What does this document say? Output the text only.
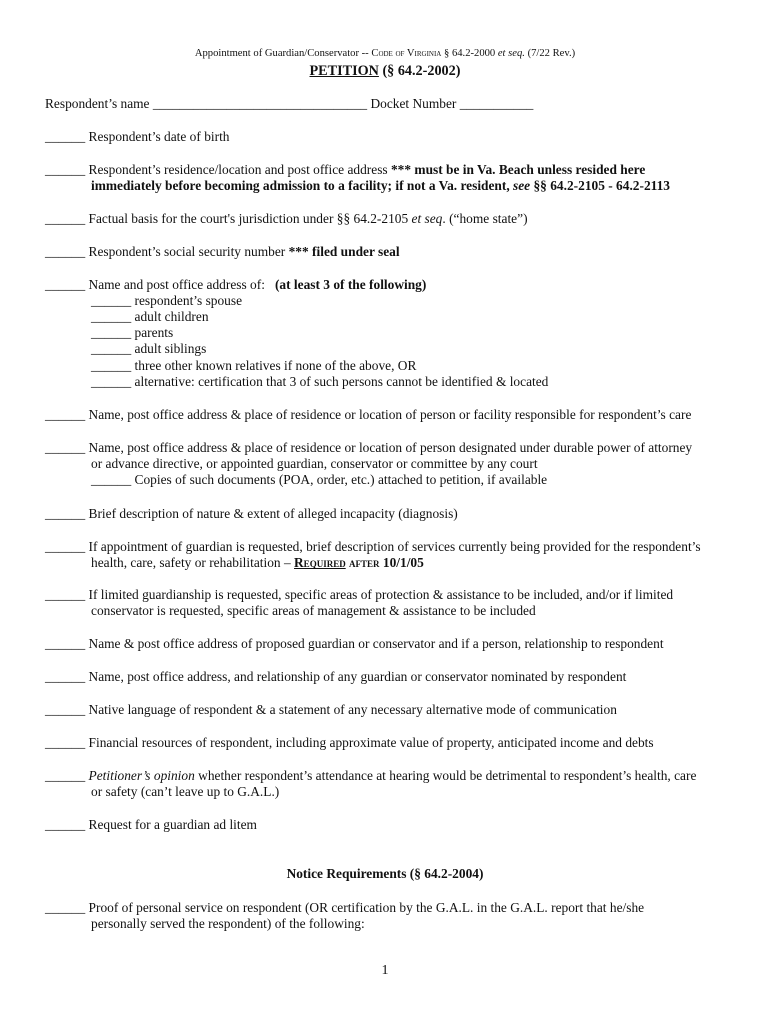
Appointment of Guardian/Conservator -- Code of Virginia § 64.2-2000 et seq. (7/22 Rev.)
PETITION (§ 64.2-2002)
Respondent’s name ________________________________ Docket Number ___________
______ Respondent’s date of birth
______ Respondent’s residence/location and post office address *** must be in Va. Beach unless resided here
immediately before becoming admission to a facility; if not a Va. resident, see §§ 64.2-2105 - 64.2-2113
______ Factual basis for the court's jurisdiction under §§ 64.2-2105 et seq. (“home state”)
______ Respondent’s social security number *** filed under seal
______ Name and post office address of: (at least 3 of the following)
______ respondent’s spouse
______ adult children
______ parents
______ adult siblings
______ three other known relatives if none of the above, OR
______ alternative: certification that 3 of such persons cannot be identified & located
______ Name, post office address & place of residence or location of person or facility responsible for respondent’s care
______ Name, post office address & place of residence or location of person designated under durable power of attorney
or advance directive, or appointed guardian, conservator or committee by any court
______ Copies of such documents (POA, order, etc.) attached to petition, if available
______ Brief description of nature & extent of alleged incapacity (diagnosis)
______ If appointment of guardian is requested, brief description of services currently being provided for the respondent’s
health, care, safety or rehabilitation – Required after 10/1/05
______ If limited guardianship is requested, specific areas of protection & assistance to be included, and/or if limited
conservator is requested, specific areas of management & assistance to be included
______ Name & post office address of proposed guardian or conservator and if a person, relationship to respondent
______ Name, post office address, and relationship of any guardian or conservator nominated by respondent
______ Native language of respondent & a statement of any necessary alternative mode of communication
______ Financial resources of respondent, including approximate value of property, anticipated income and debts
______ Petitioner’s opinion whether respondent’s attendance at hearing would be detrimental to respondent’s health, care
or safety (can’t leave up to G.A.L.)
______ Request for a guardian ad litem
Notice Requirements (§ 64.2-2004)
______ Proof of personal service on respondent (OR certification by the G.A.L. in the G.A.L. report that he/she
personally served the respondent) of the following:
1
